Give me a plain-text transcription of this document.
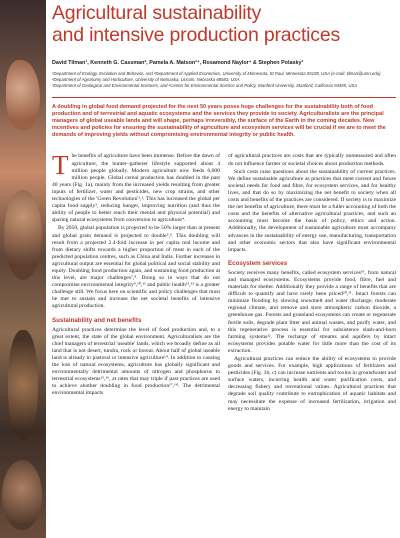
Agricultural sustainability
and intensive production practices
David Tilman¹, Kenneth G. Cassman², Pamela A. Matson³⁴, Rosamond Naylor⁴ & Stephen Polasky¹
¹Department of Ecology, Evolution and Behavior, and ²Department of Applied Economics, University of Minnesota, St Paul, Minnesota 55108, USA (e-mail: tilman@umn.edu)
²Department of Agronomy and Horticulture, University of Nebraska, Lincoln, Nebraska 68583, USA
³Department of Geological and Environmental Sciences, and ⁴Center for Environmental Science and Policy, Stanford University, Stanford, California 94305, USA
A doubling in global food demand projected for the next 50 years poses huge challenges for the sustainability both of food production and of terrestrial and aquatic ecosystems and the services they provide to society. Agriculturalists are the principal managers of global useable lands and will shape, perhaps irreversibly, the surface of the Earth in the coming decades. New incentives and policies for ensuring the sustainability of agriculture and ecosystem services will be crucial if we are to meet the demands of improving yields without compromising environmental integrity or public health.

The benefits of agriculture have been immense. Before the dawn of agriculture, the hunter–gatherer lifestyle supported about 4 million people globally. Modern agriculture now feeds 6,000 million people. Global cereal production has doubled in the past 40 years (Fig. 1a), mainly from the increased yields resulting from greater inputs of fertilizer, water and pesticides, new crop strains, and other technologies of the 'Green Revolution'¹,². This has increased the global per capita food supply³, reducing hunger, improving nutrition (and thus the ability of people to better reach their mental and physical potential) and sparing natural ecosystems from conversion to agriculture⁴.

By 2050, global population is projected to be 50% larger than at present and global grain demand is projected to double⁵,⁶. This doubling will result from a projected 2.4-fold increase in per capita real income and from dietary shifts towards a higher proportion of meat in each of the predicted population centres, such as China and India. Further increases in agricultural output are essential for global political and social stability and equity. Doubling food production again, and sustaining food production at this level, are major challenges⁷,⁸. Doing so in ways that do not compromise environmental integrity⁹,¹⁰,¹¹ and public health¹²,¹³ is a greater challenge still. We focus here on scientific and policy challenges that must be met to sustain and increase the net societal benefits of intensive agricultural production.

Sustainability and net benefits

Agricultural practices determine the level of food production and, to a great extent, the state of the global environment. Agriculturalists are the chief managers of terrestrial 'useable' lands, which we broadly define as all land that is not desert, tundra, rock or boreal. About half of global useable land is already in pastoral or intensive agriculture¹⁴. In addition to causing the loss of natural ecosystems, agriculture has globally significant and environmentally detrimental amounts of nitrogen and phosphorus to terrestrial ecosystems¹⁵,¹⁶, at rates that may triple if past practices are used to achieve another doubling in food production¹⁷,¹⁸. The detrimental environmental impacts

of agricultural practices are costs that are typically unmeasured and often do not influence farmer or societal choices about production methods.

Such costs raise questions about the sustainability of current practices. We define sustainable agriculture as practices that meet current and future societal needs for food and fibre, for ecosystem services, and for healthy lives, and that do so by maximizing the net benefit to society when all costs and benefits of the practices are considered. If society is to maximize the net benefits of agriculture, there must be a fuller accounting of both the costs and the benefits of alternative agricultural practices, and such an accounting must become the basis of policy, ethics and action. Additionally, the development of sustainable agriculture must accompany advances in the sustainability of energy use, manufacturing, transportation and other economic sectors that also have significant environmental impacts.

Ecosystem services

Society receives many benefits, called ecosystem services¹⁹, from natural and managed ecosystems. Ecosystems provide food, fibre, fuel and materials for shelter. Additionally they provide a range of benefits that are difficult to quantify and have rarely been priced²⁰,²¹. Intact forests can minimize flooding by slowing snowmelt and water discharge, moderate regional climate, and remove and store atmospheric carbon dioxide, a greenhouse gas. Forests and grassland ecosystems can create or regenerate fertile soils, degrade plant litter and animal wastes, and purify water, and this regenerative process is essential for subsistence slash-and-burn farming systems²². The recharge of streams and aquifers by intact ecosystems provides potable water for little more than the cost of its extraction.

Agricultural practices can reduce the ability of ecosystems to provide goods and services. For example, high applications of fertilizers and pesticides (Fig. 1b, c) can increase nutrients and toxins in groundwater and surface waters, incurring health and water purification costs, and decreasing fishery and recreational values. Agricultural practices that degrade soil quality contribute to eutrophication of aquatic habitats and may necessitate the expense of increased fertilization, irrigation and energy to maintain
